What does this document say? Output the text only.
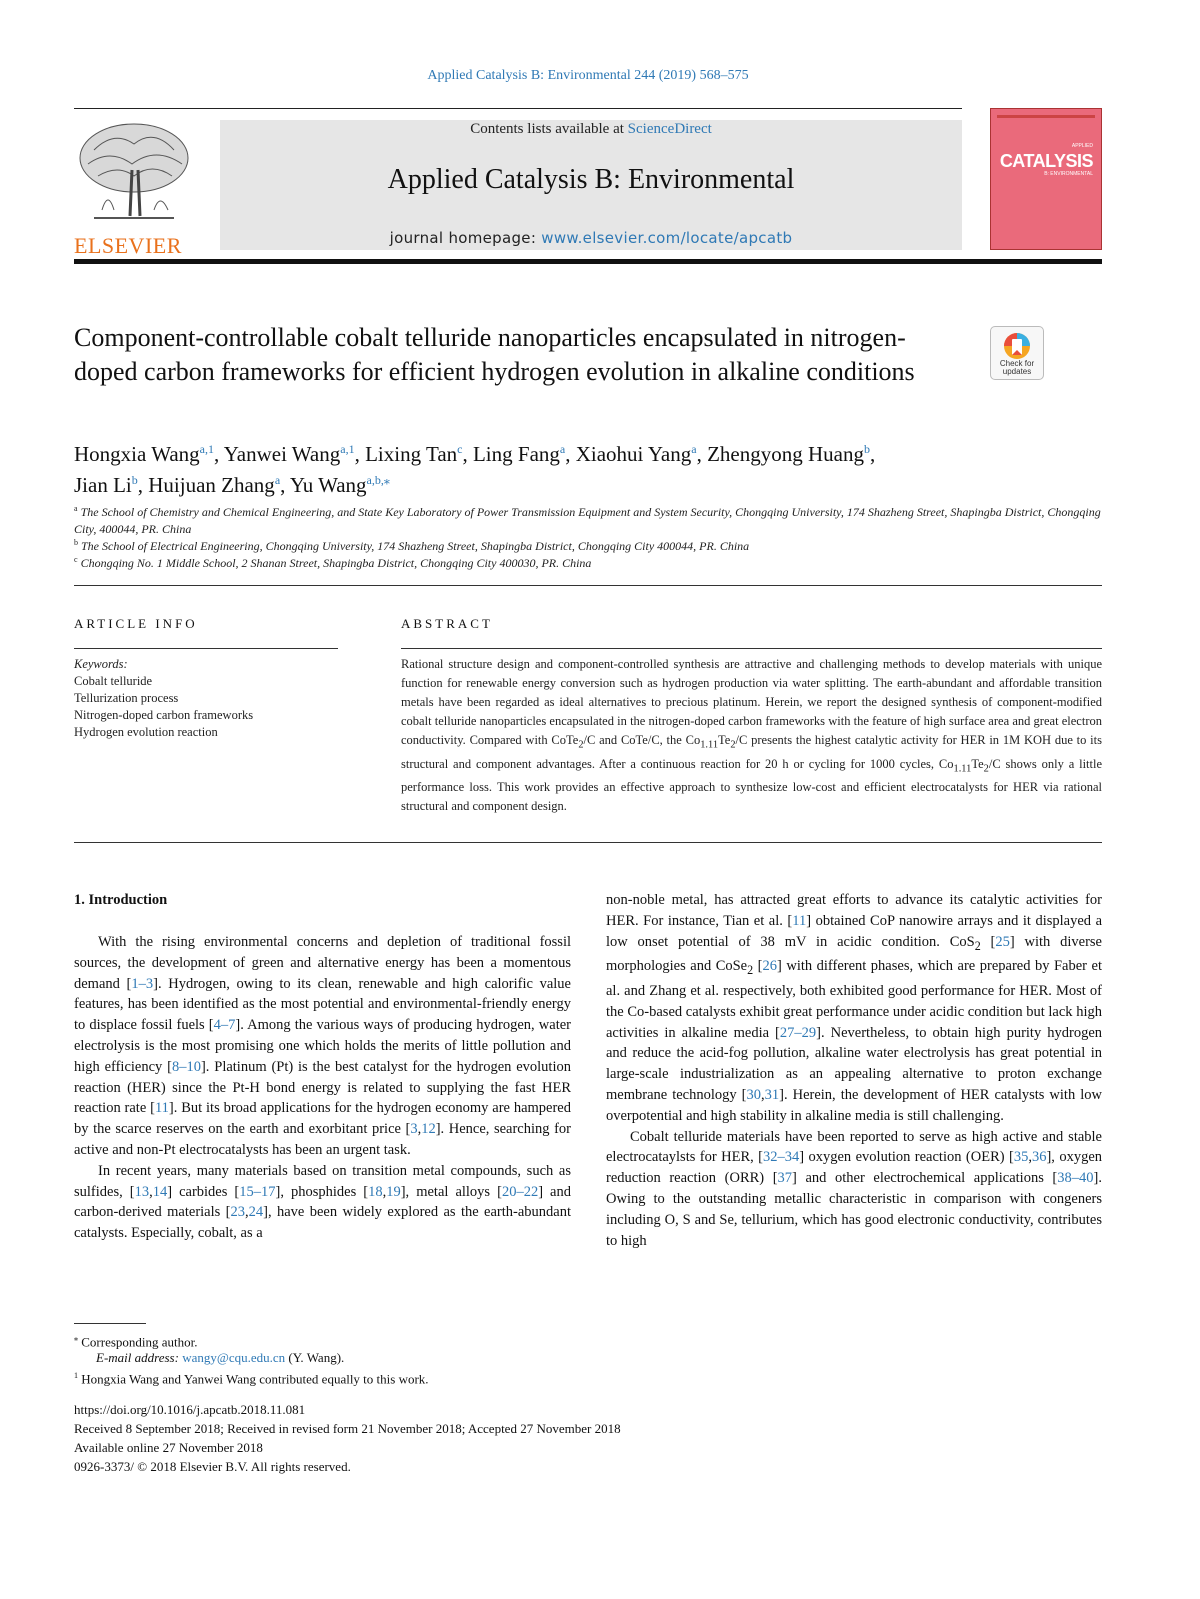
Applied Catalysis B: Environmental 244 (2019) 568–575
ELSEVIER
Contents lists available at ScienceDirect
Applied Catalysis B: Environmental
journal homepage: www.elsevier.com/locate/apcatb
APPLIED
CATALYSIS
B: ENVIRONMENTAL
Component-controllable cobalt telluride nanoparticles encapsulated in nitrogen-doped carbon frameworks for efficient hydrogen evolution in alkaline conditions	Check for updates
Hongxia Wang$^{a,1}$, Yanwei Wang$^{a,1}$, Lixing Tan$^c$, Ling Fang$^a$, Xiaohui Yang$^a$, Zhengyong Huang$^b$,
Jian Li$^b$, Huijuan Zhang$^a$, Yu Wang$^{a,b,⁎}$
$^a$ The School of Chemistry and Chemical Engineering, and State Key Laboratory of Power Transmission Equipment and System Security, Chongqing University, 174 Shazheng Street, Shapingba District, Chongqing City, 400044, PR. China
$^b$ The School of Electrical Engineering, Chongqing University, 174 Shazheng Street, Shapingba District, Chongqing City 400044, PR. China
$^c$ Chongqing No. 1 Middle School, 2 Shanan Street, Shapingba District, Chongqing City 400030, PR. China
ARTICLE INFO	ABSTRACT
Keywords:
Cobalt telluride
Tellurization process
Nitrogen-doped carbon frameworks
Hydrogen evolution reaction
Rational structure design and component-controlled synthesis are attractive and challenging methods to develop materials with unique function for renewable energy conversion such as hydrogen production via water splitting. The earth-abundant and affordable transition metals have been regarded as ideal alternatives to precious platinum. Herein, we report the designed synthesis of component-modified cobalt telluride nanoparticles encapsulated in the nitrogen-doped carbon frameworks with the feature of high surface area and great electron conductivity. Compared with CoTe$_2$/C and CoTe/C, the $Co_{1.11}Te_2/C$ presents the highest catalytic activity for HER in 1M KOH due to its structural and component advantages. After a continuous reaction for 20 h or cycling for 1000 cycles, $Co_{1.11}Te_2/C$ shows only a little performance loss. This work provides an effective approach to synthesize low-cost and efficient electrocatalysts for HER via rational structural and component design.
1. Introduction

With the rising environmental concerns and depletion of traditional fossil sources, the development of green and alternative energy has been a momentous demand [1–3]. Hydrogen, owing to its clean, renewable and high calorific value features, has been identified as the most potential and environmental-friendly energy to displace fossil fuels [4–7]. Among the various ways of producing hydrogen, water electrolysis is the most promising one which holds the merits of little pollution and high efficiency [8–10]. Platinum (Pt) is the best catalyst for the hydrogen evolution reaction (HER) since the Pt-H bond energy is related to supplying the fast HER reaction rate [11]. But its broad applications for the hydrogen economy are hampered by the scarce reserves on the earth and exorbitant price [3,12]. Hence, searching for active and non-Pt electrocatalysts has been an urgent task.

In recent years, many materials based on transition metal compounds, such as sulfides, [13,14] carbides [15–17], phosphides [18,19], metal alloys [20–22] and carbon-derived materials [23,24], have been widely explored as the earth-abundant catalysts. Especially, cobalt, as a

non-noble metal, has attracted great efforts to advance its catalytic activities for HER. For instance, Tian et al. [11] obtained CoP nanowire arrays and it displayed a low onset potential of 38 mV in acidic condition. CoS$_2$ [25] with diverse morphologies and CoSe$_2$ [26] with different phases, which are prepared by Faber et al. and Zhang et al. respectively, both exhibited good performance for HER. Most of the Co-based catalysts exhibit great performance under acidic condition but lack high activities in alkaline media [27–29]. Nevertheless, to obtain high purity hydrogen and reduce the acid-fog pollution, alkaline water electrolysis has great potential in large-scale industrialization as an appealing alternative to proton exchange membrane technology [30,31]. Herein, the development of HER catalysts with low overpotential and high stability in alkaline media is still challenging.

Cobalt telluride materials have been reported to serve as high active and stable electrocataylsts for HER, [32–34] oxygen evolution reaction (OER) [35,36], oxygen reduction reaction (ORR) [37] and other electrochemical applications [38–40]. Owing to the outstanding metallic characteristic in comparison with congeners including O, S and Se, tellurium, which has good electronic conductivity, contributes to high

⁎ Corresponding author.
E-mail address: wangy@cqu.edu.cn (Y. Wang).
$^1$ Hongxia Wang and Yanwei Wang contributed equally to this work.
https://doi.org/10.1016/j.apcatb.2018.11.081
Received 8 September 2018; Received in revised form 21 November 2018; Accepted 27 November 2018
Available online 27 November 2018
0926-3373/ © 2018 Elsevier B.V. All rights reserved.
